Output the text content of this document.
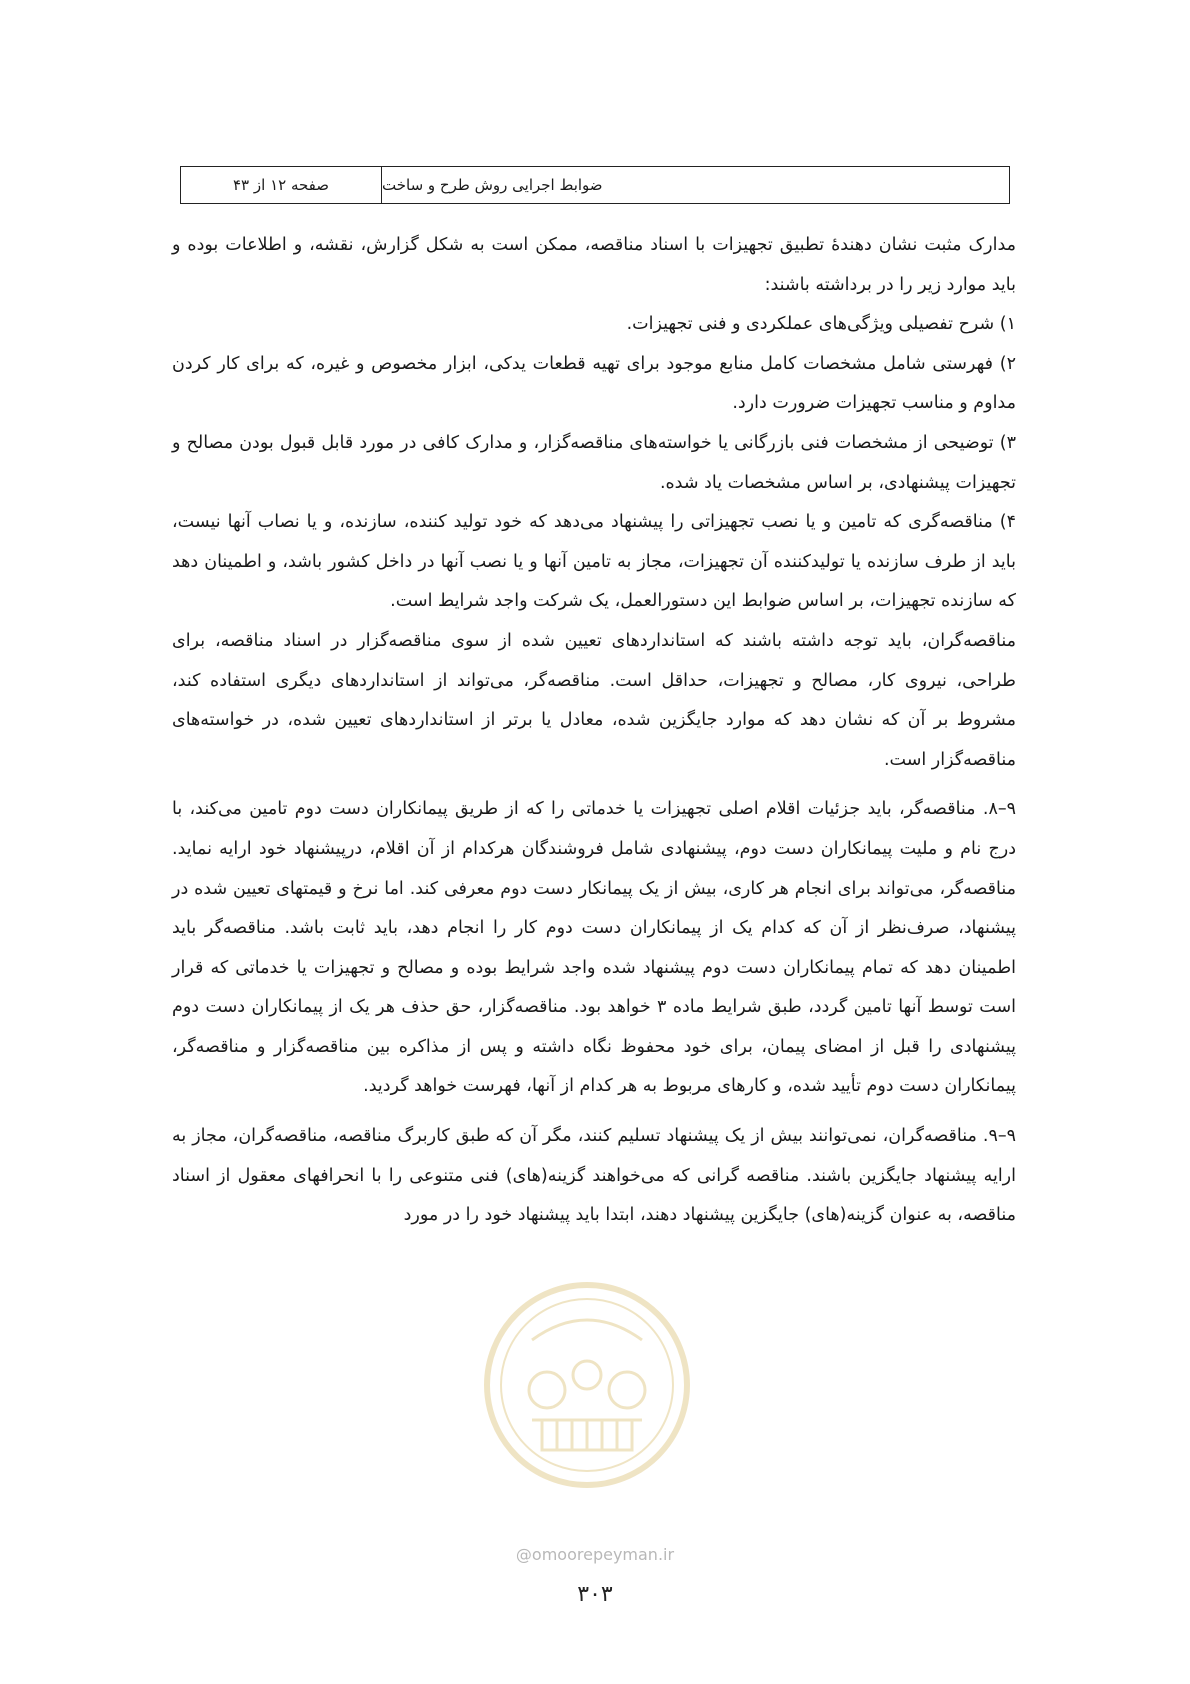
صفحه ۱۲ از ۴۳	ضوابط اجرایی روش طرح و ساخت

مدارک مثبت نشان دهندهٔ تطبیق تجهیزات با اسناد مناقصه، ممکن است به شکل گزارش، نقشه، و اطلاعات بوده و باید موارد زیر را در برداشته باشند:

۱) شرح تفصیلی ویژگی‌های عملکردی و فنی تجهیزات.

۲) فهرستی شامل مشخصات کامل منابع موجود برای تهیه قطعات یدکی، ابزار مخصوص و غیره، که برای کار کردن مداوم و مناسب تجهیزات ضرورت دارد.

۳) توضیحی از مشخصات فنی بازرگانی یا خواسته‌های مناقصه‌گزار، و مدارک کافی در مورد قابل قبول بودن مصالح و تجهیزات پیشنهادی، بر اساس مشخصات یاد شده.

۴) مناقصه‌گری که تامین و یا نصب تجهیزاتی را پیشنهاد می‌دهد که خود تولید کننده، سازنده، و یا نصاب آنها نیست، باید از طرف سازنده یا تولیدکننده آن تجهیزات، مجاز به تامین آنها و یا نصب آنها در داخل کشور باشد، و اطمینان دهد که سازنده تجهیزات، بر اساس ضوابط این دستورالعمل، یک شرکت واجد شرایط است.

مناقصه‌گران، باید توجه داشته باشند که استانداردهای تعیین شده از سوی مناقصه‌گزار در اسناد مناقصه، برای طراحی، نیروی کار، مصالح و تجهیزات، حداقل است. مناقصه‌گر، می‌تواند از استانداردهای دیگری استفاده کند، مشروط بر آن که نشان دهد که موارد جایگزین شده، معادل یا برتر از استانداردهای تعیین شده، در خواسته‌های مناقصه‌گزار است.

۹–۸. مناقصه‌گر، باید جزئیات اقلام اصلی تجهیزات یا خدماتی را که از طریق پیمانکاران دست دوم تامین می‌کند، با درج نام و ملیت پیمانکاران دست دوم، پیشنهادی شامل فروشندگان هرکدام از آن اقلام، درپیشنهاد خود ارایه نماید. مناقصه‌گر، می‌تواند برای انجام هر کاری، بیش از یک پیمانکار دست دوم معرفی کند. اما نرخ و قیمتهای تعیین شده در پیشنهاد، صرف‌نظر از آن که کدام یک از پیمانکاران دست دوم کار را انجام دهد، باید ثابت باشد. مناقصه‌گر باید اطمینان دهد که تمام پیمانکاران دست دوم پیشنهاد شده واجد شرایط بوده و مصالح و تجهیزات یا خدماتی که قرار است توسط آنها تامین گردد، طبق شرایط ماده ۳ خواهد بود. مناقصه‌گزار، حق حذف هر یک از پیمانکاران دست دوم پیشنهادی را قبل از امضای پیمان، برای خود محفوظ نگاه داشته و پس از مذاکره بین مناقصه‌گزار و مناقصه‌گر، پیمانکاران دست دوم تأیید شده، و کارهای مربوط به هر کدام از آنها، فهرست خواهد گردید.

۹–۹. مناقصه‌گران، نمی‌توانند بیش از یک پیشنهاد تسلیم کنند، مگر آن که طبق کاربرگ مناقصه، مناقصه‌گران، مجاز به ارایه پیشنهاد جایگزین باشند. مناقصه گرانی که می‌خواهند گزینه(های) فنی متنوعی را با انحرافهای معقول از اسناد مناقصه، به عنوان گزینه(های) جایگزین پیشنهاد دهند، ابتدا باید پیشنهاد خود را در مورد

@omoorepeyman.ir
۳۰۳
